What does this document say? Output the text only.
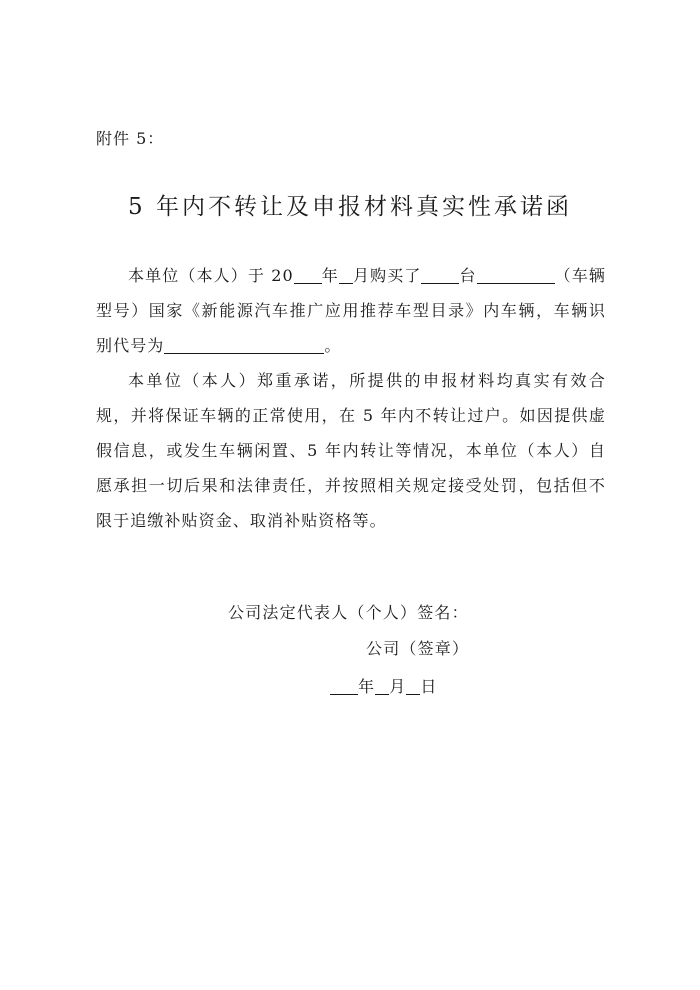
附件 5：
5 年内不转让及申报材料真实性承诺函

本单位（本人）于 20 年 月购买了 台	（车辆型号）国家《新能源汽车推广应用推荐车型目录》内车辆，车辆识别代号为	。

本单位（本人）郑重承诺，所提供的申报材料均真实有效合规，并将保证车辆的正常使用，在 5 年内不转让过户。如因提供虚假信息，或发生车辆闲置、5 年内转让等情况，本单位（本人）自愿承担一切后果和法律责任，并按照相关规定接受处罚，包括但不限于追缴补贴资金、取消补贴资格等。

公司法定代表人（个人）签名：
公司（签章）
年 月 日
